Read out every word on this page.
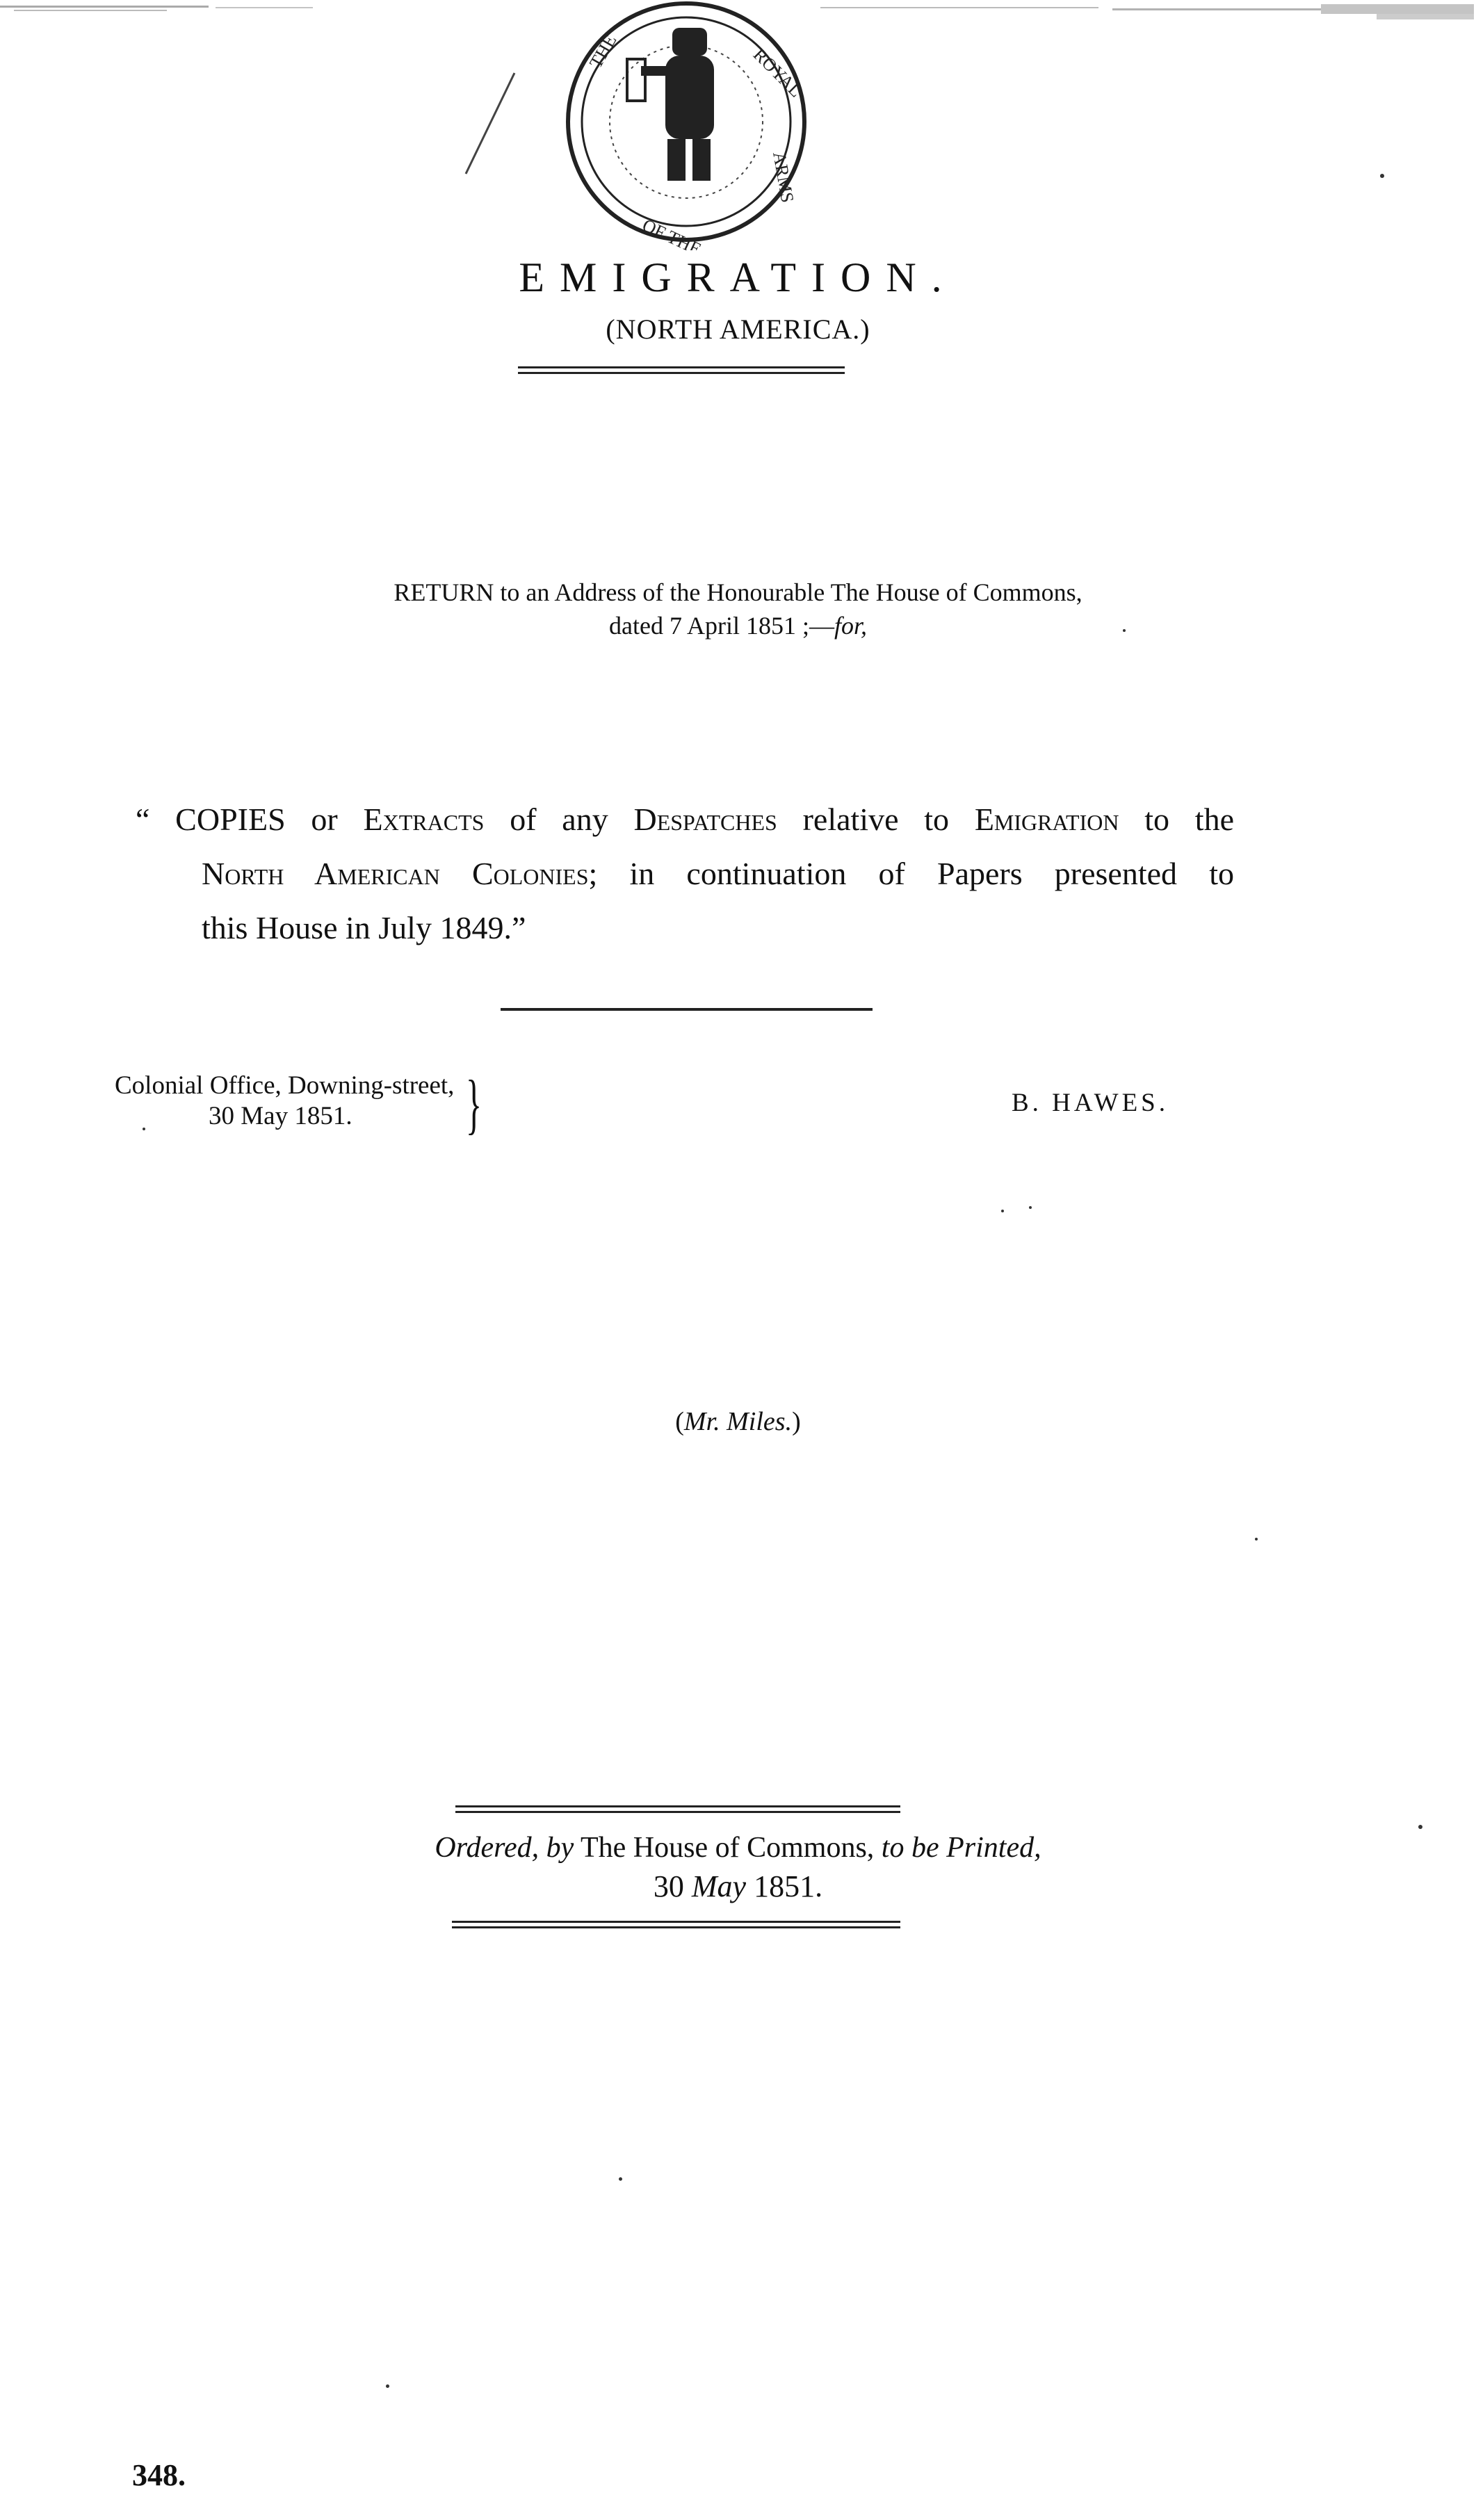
THE	ROYAL
ARMS
OF THE
EMIGRATION.
(NORTH AMERICA.)
RETURN to an Address of the Honourable The House of Commons,
dated 7 April 1851 ;—for,
“ COPIES or Extracts of any Despatches relative to Emigration to the
North American Colonies; in continuation of Papers presented to
this House in July 1849.”
Colonial Office, Downing-street,
30 May 1851.	}	B. HAWES.
(Mr. Miles.)
Ordered, by The House of Commons, to be Printed,
30 May 1851.
348.
